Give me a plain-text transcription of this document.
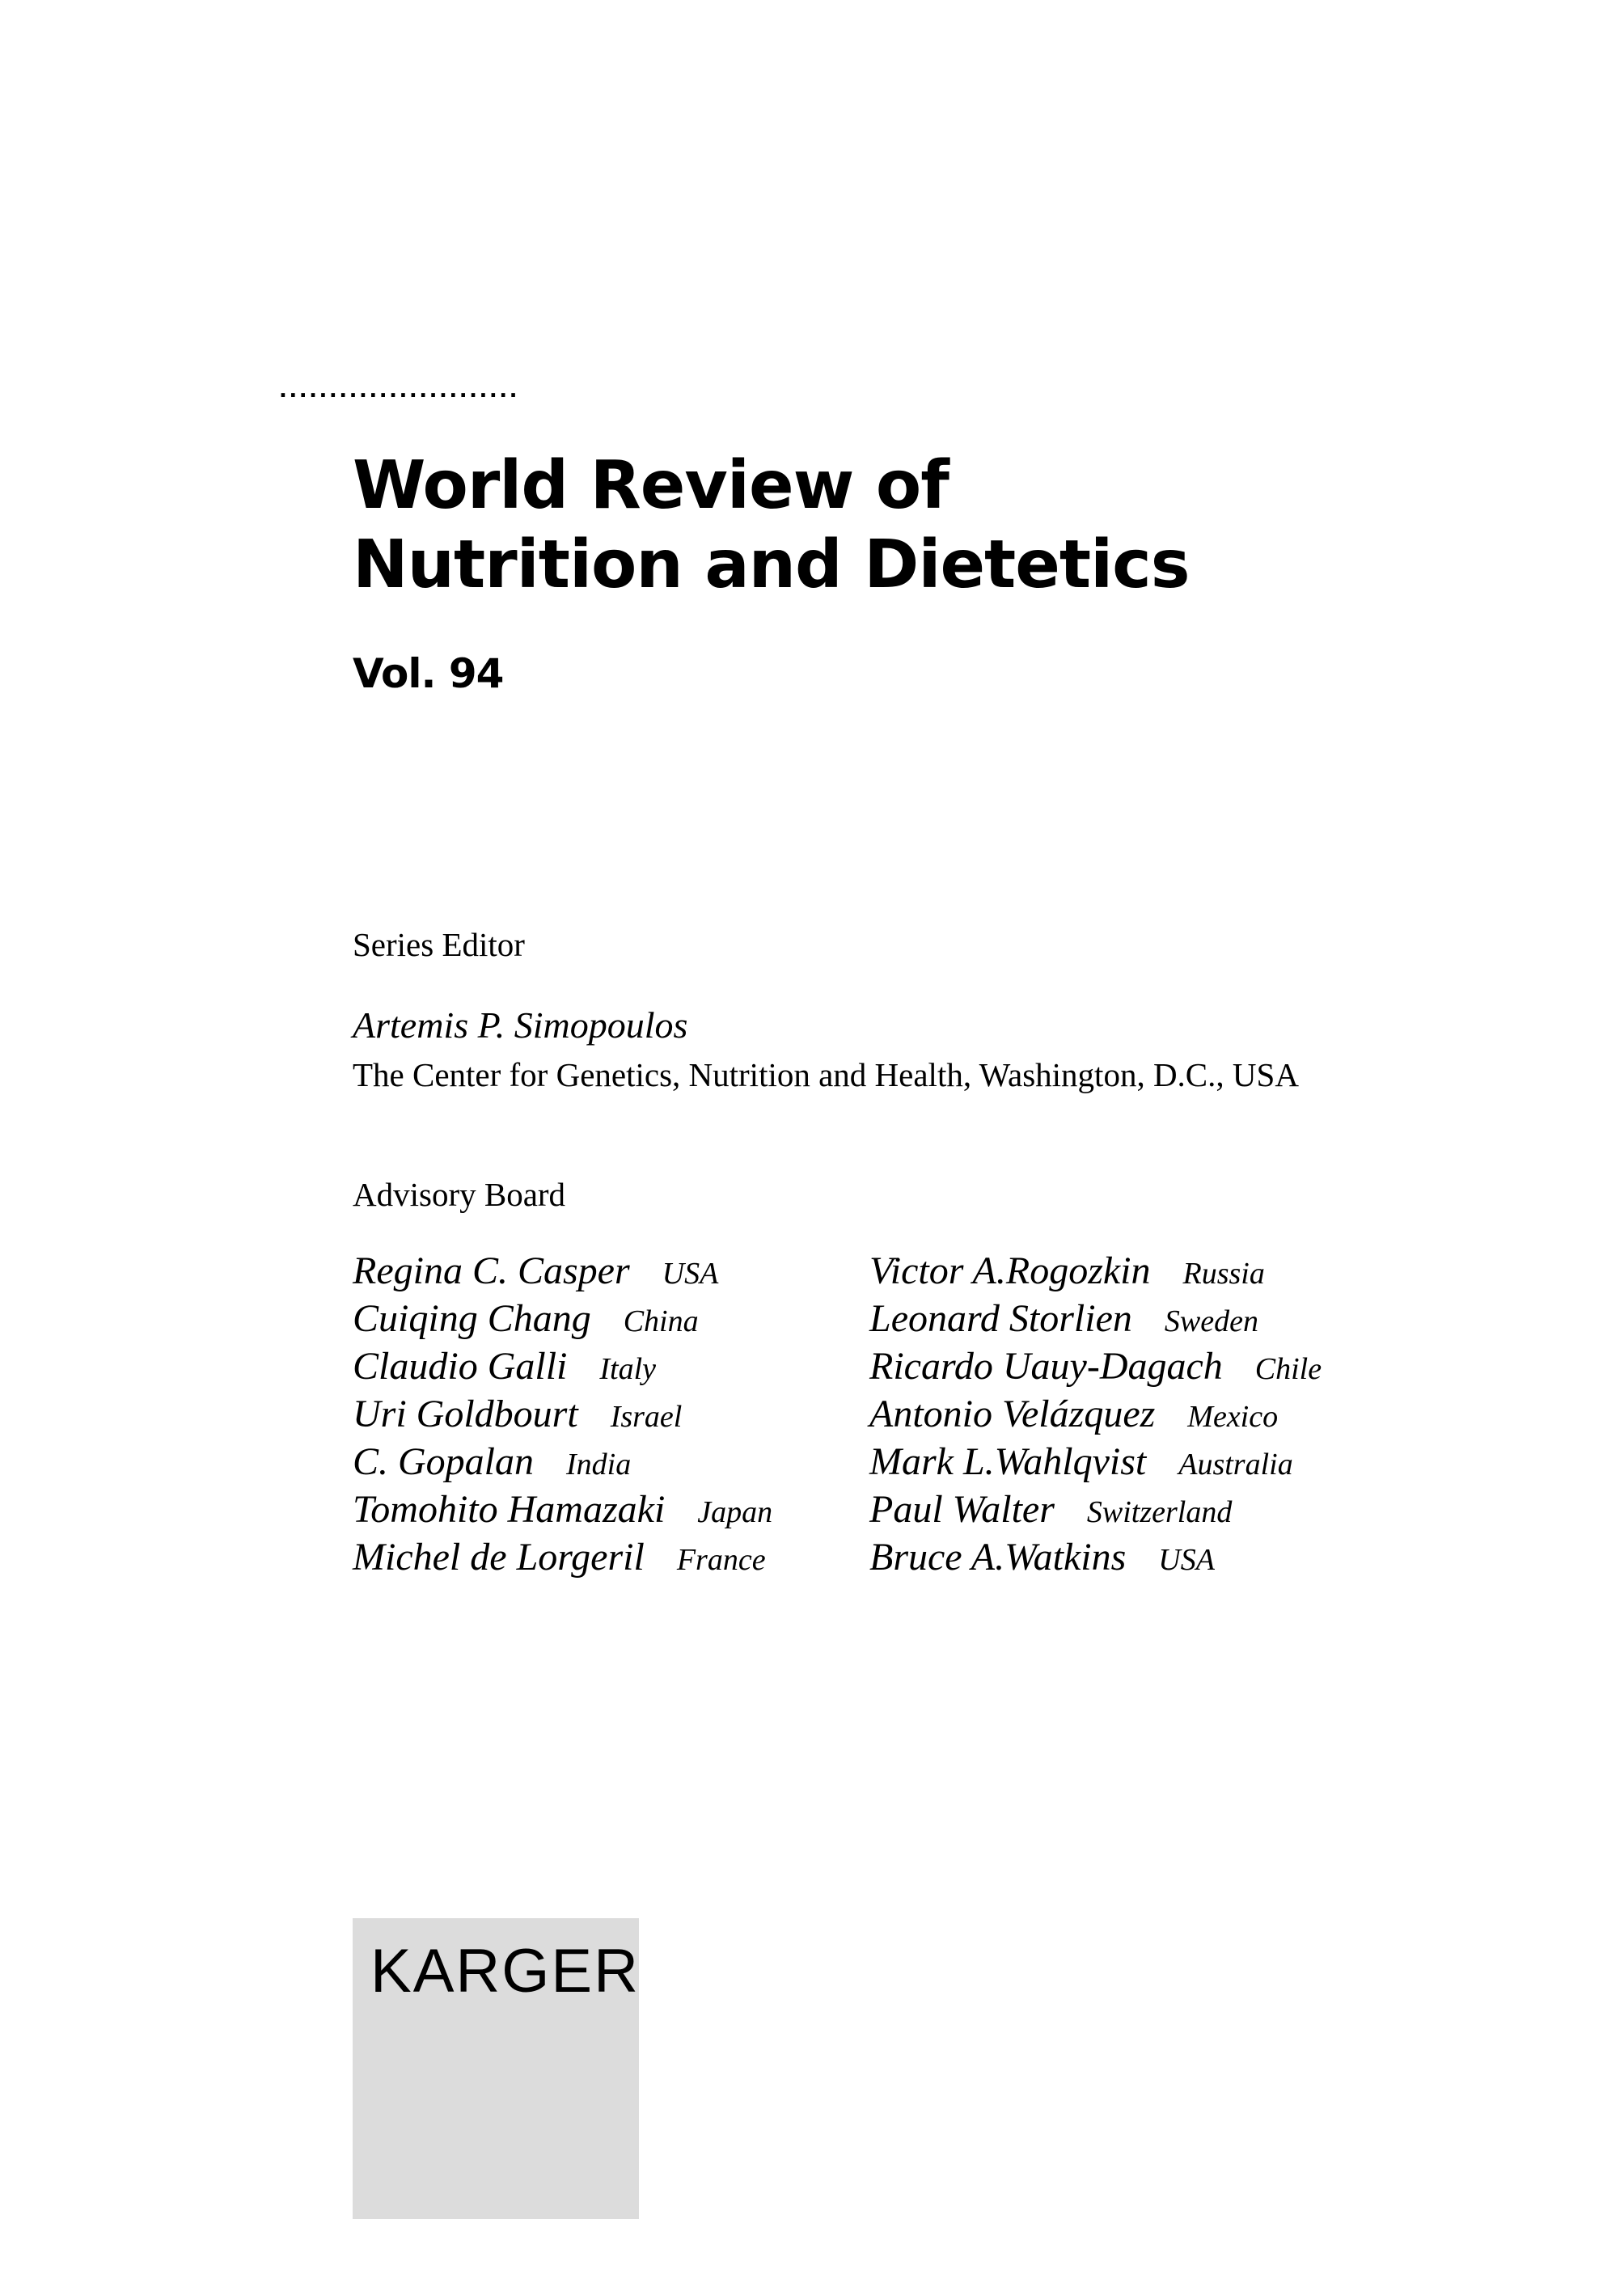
........................
World Review of
Nutrition and Dietetics
Vol. 94
Series Editor
Artemis P. Simopoulos
The Center for Genetics, Nutrition and Health, Washington, D.C., USA
Advisory Board
Regina C. Casper USA
Cuiqing Chang China
Claudio Galli Italy
Uri Goldbourt Israel
C. Gopalan India
Tomohito Hamazaki Japan
Michel de Lorgeril France
Victor A.Rogozkin Russia
Leonard Storlien Sweden
Ricardo Uauy-Dagach Chile
Antonio Velázquez Mexico
Mark L.Wahlqvist Australia
Paul Walter Switzerland
Bruce A.Watkins USA
KARGER
